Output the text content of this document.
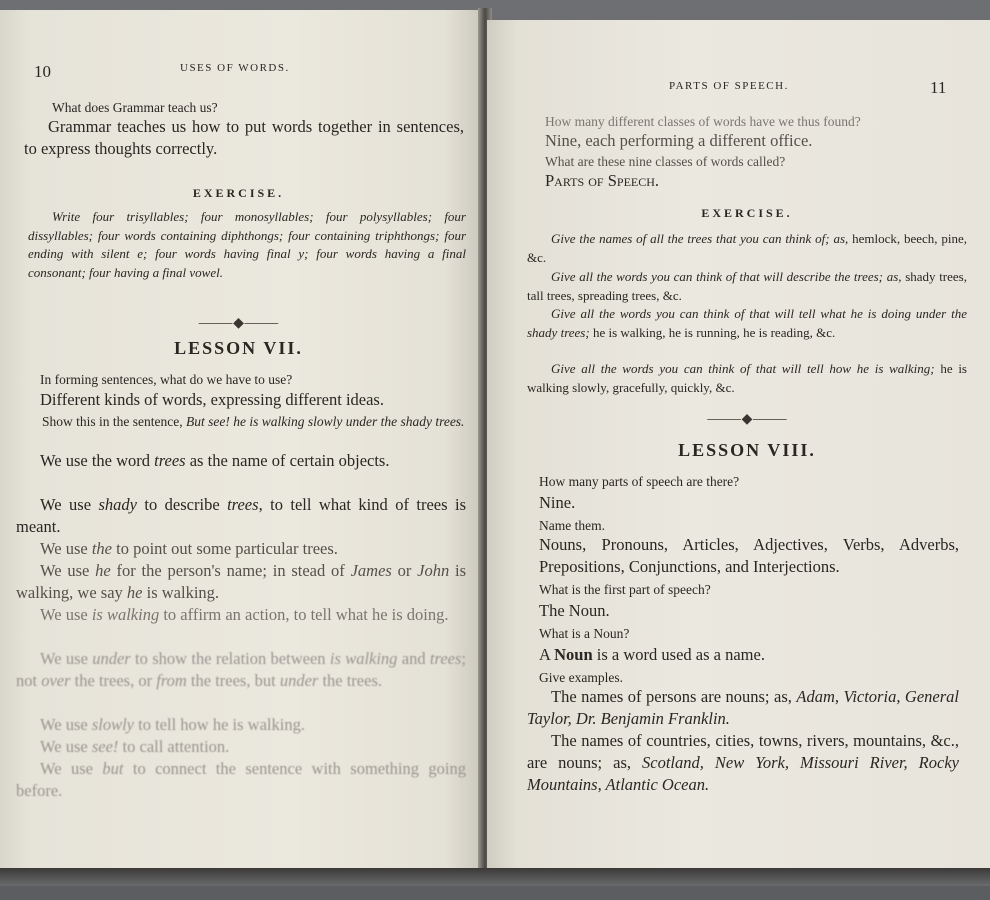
10	USES OF WORDS.

What does Grammar teach us?

Grammar teaches us how to put words together in sentences, to express thoughts correctly.

EXERCISE.

Write four trisyllables; four monosyllables; four polysyllables; four dissyllables; four words containing diphthongs; four containing triphthongs; four ending with silent e; four words having final y; four words having a final consonant; four having a final vowel.

⸻◆⸻

LESSON VII.

In forming sentences, what do we have to use?

Different kinds of words, expressing different ideas.

Show this in the sentence, But see! he is walking slowly under the shady trees.

We use the word trees as the name of certain objects.

We use shady to describe trees, to tell what kind of trees is meant.

We use the to point out some particular trees.

We use he for the person's name; in stead of James or John is walking, we say he is walking.

We use is walking to affirm an action, to tell what he is doing.

We use under to show the relation between is walking and trees; not over the trees, or from the trees, but under the trees.

We use slowly to tell how he is walking.

We use see! to call attention.

We use but to connect the sentence with something going before.

PARTS OF SPEECH.	11

How many different classes of words have we thus found?

Nine, each performing a different office.

What are these nine classes of words called?

Parts of Speech.

EXERCISE.

Give the names of all the trees that you can think of; as, hemlock, beech, pine, &c.

Give all the words you can think of that will describe the trees; as, shady trees, tall trees, spreading trees, &c.

Give all the words you can think of that will tell what he is doing under the shady trees; he is walking, he is running, he is reading, &c.

Give all the words you can think of that will tell how he is walking; he is walking slowly, gracefully, quickly, &c.

⸻◆⸻

LESSON VIII.

How many parts of speech are there?

Nine.

Name them.

Nouns, Pronouns, Articles, Adjectives, Verbs, Adverbs, Prepositions, Conjunctions, and Interjections.

What is the first part of speech?

The Noun.

What is a Noun?

A Noun is a word used as a name.

Give examples.

The names of persons are nouns; as, Adam, Victoria, General Taylor, Dr. Benjamin Franklin.

The names of countries, cities, towns, rivers, mountains, &c., are nouns; as, Scotland, New York, Missouri River, Rocky Mountains, Atlantic Ocean.
